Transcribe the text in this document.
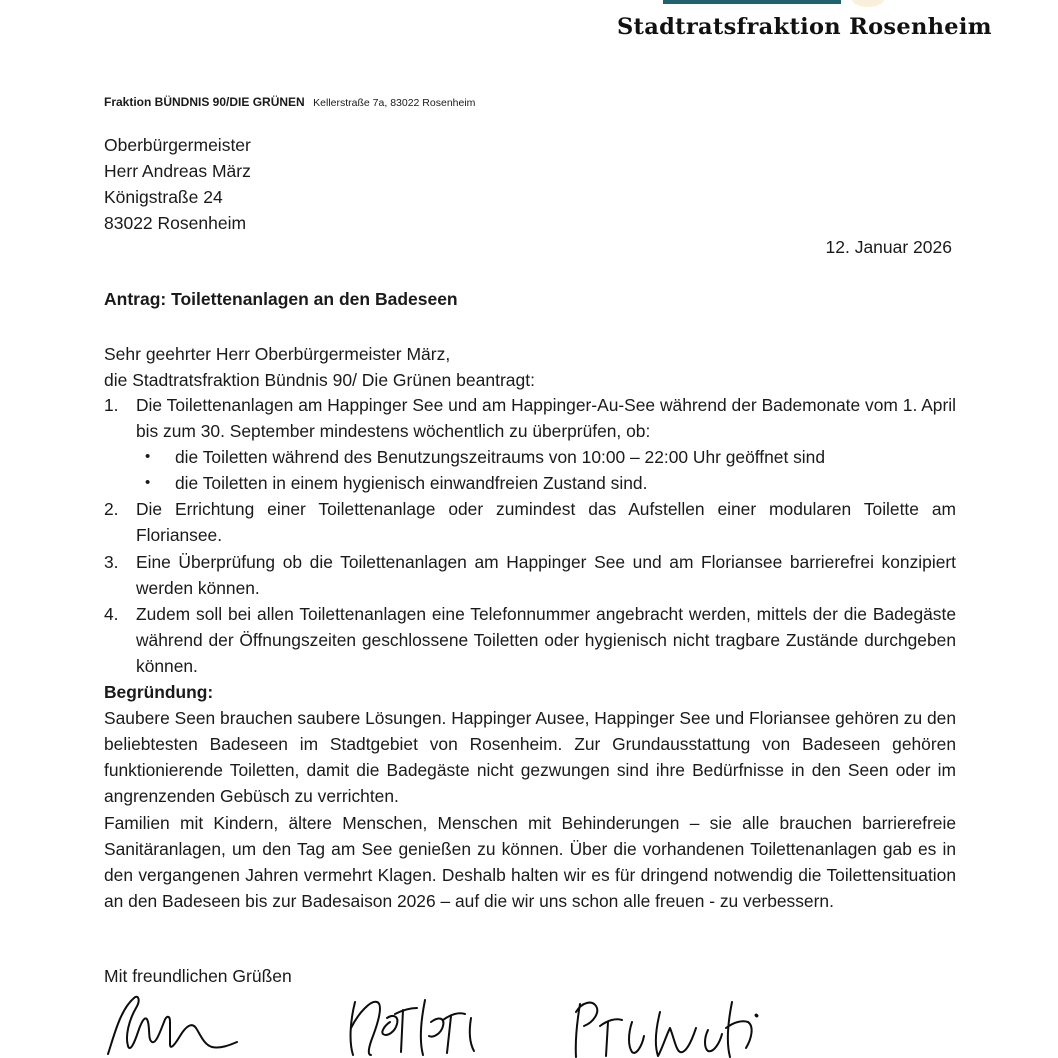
Stadtratsfraktion Rosenheim
Fraktion BÜNDNIS 90/DIE GRÜNEN Kellerstraße 7a, 83022 Rosenheim
Oberbürgermeister
Herr Andreas März
Königstraße 24
83022 Rosenheim
12. Januar 2026
Antrag: Toilettenanlagen an den Badeseen
Sehr geehrter Herr Oberbürgermeister März,
die Stadtratsfraktion Bündnis 90/ Die Grünen beantragt:
1.	Die Toilettenanlagen am Happinger See und am Happinger-Au-See während der Bademonate vom 1. April bis zum 30. September mindestens wöchentlich zu überprüfen, ob:
•	die Toiletten während des Benutzungszeitraums von 10:00 – 22:00 Uhr geöffnet sind
•	die Toiletten in einem hygienisch einwandfreien Zustand sind.
2.	Die Errichtung einer Toilettenanlage oder zumindest das Aufstellen einer modularen Toilette am Floriansee.
3.	Eine Überprüfung ob die Toilettenanlagen am Happinger See und am Floriansee barrierefrei konzipiert werden können.
4.	Zudem soll bei allen Toilettenanlagen eine Telefonnummer angebracht werden, mittels der die Badegäste während der Öffnungszeiten geschlossene Toiletten oder hygienisch nicht tragbare Zustände durchgeben können.
Begründung:

Saubere Seen brauchen saubere Lösungen. Happinger Ausee, Happinger See und Floriansee gehören zu den beliebtesten Badeseen im Stadtgebiet von Rosenheim. Zur Grundausstattung von Badeseen gehören funktionierende Toiletten, damit die Badegäste nicht gezwungen sind ihre Bedürfnisse in den Seen oder im angrenzenden Gebüsch zu verrichten.

Familien mit Kindern, ältere Menschen, Menschen mit Behinderungen – sie alle brauchen barrierefreie Sanitäranlagen, um den Tag am See genießen zu können. Über die vorhandenen Toilettenanlagen gab es in den vergangenen Jahren vermehrt Klagen. Deshalb halten wir es für dringend notwendig die Toilettensituation an den Badeseen bis zur Badesaison 2026 – auf die wir uns schon alle freuen - zu verbessern.

Mit freundlichen Grüßen
